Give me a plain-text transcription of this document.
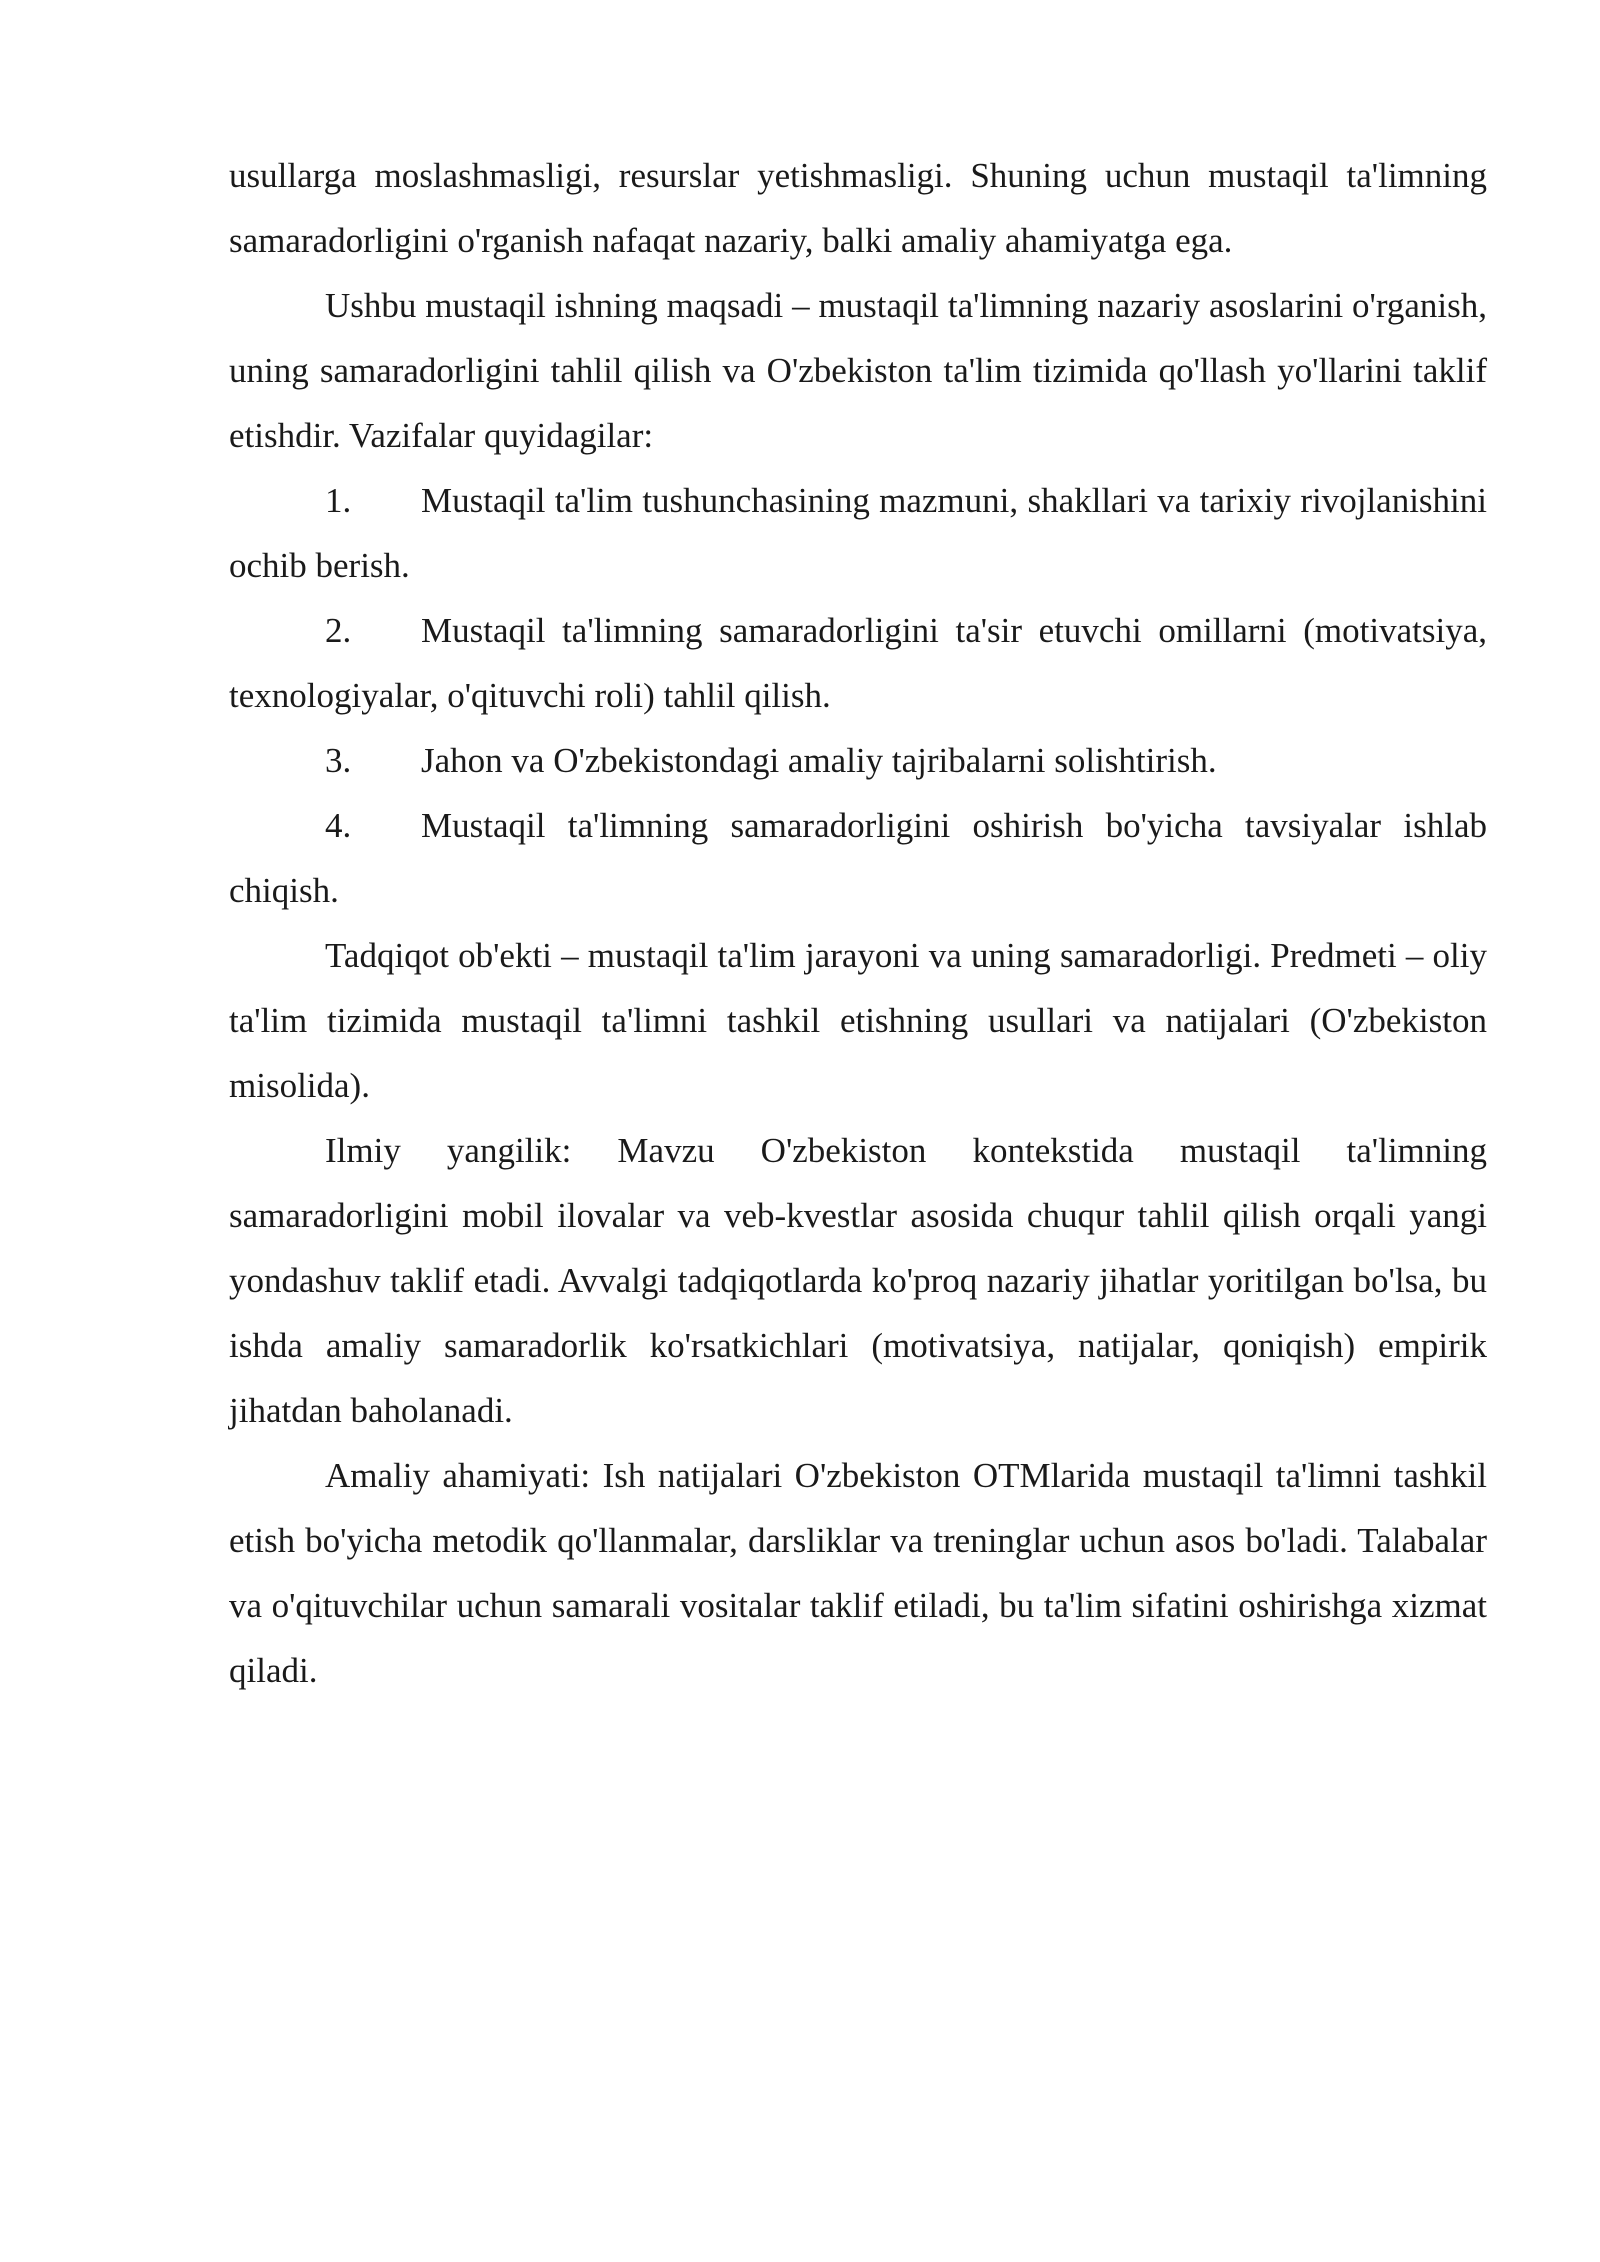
usullarga moslashmasligi, resurslar yetishmasligi. Shuning uchun mustaqil ta'limning samaradorligini o'rganish nafaqat nazariy, balki amaliy ahamiyatga ega.

Ushbu mustaqil ishning maqsadi – mustaqil ta'limning nazariy asoslarini o'rganish, uning samaradorligini tahlil qilish va O'zbekiston ta'lim tizimida qo'llash yo'llarini taklif etishdir. Vazifalar quyidagilar:

1. Mustaqil ta'lim tushunchasining mazmuni, shakllari va tarixiy rivojlanishini ochib berish.

2. Mustaqil ta'limning samaradorligini ta'sir etuvchi omillarni (motivatsiya, texnologiyalar, o'qituvchi roli) tahlil qilish.

3. Jahon va O'zbekistondagi amaliy tajribalarni solishtirish.

4. Mustaqil ta'limning samaradorligini oshirish bo'yicha tavsiyalar ishlab chiqish.

Tadqiqot ob'ekti – mustaqil ta'lim jarayoni va uning samaradorligi. Predmeti – oliy ta'lim tizimida mustaqil ta'limni tashkil etishning usullari va natijalari (O'zbekiston misolida).

Ilmiy yangilik: Mavzu O'zbekiston kontekstida mustaqil ta'limning samaradorligini mobil ilovalar va veb-kvestlar asosida chuqur tahlil qilish orqali yangi yondashuv taklif etadi. Avvalgi tadqiqotlarda ko'proq nazariy jihatlar yoritilgan bo'lsa, bu ishda amaliy samaradorlik ko'rsatkichlari (motivatsiya, natijalar, qoniqish) empirik jihatdan baholanadi.

Amaliy ahamiyati: Ish natijalari O'zbekiston OTMlarida mustaqil ta'limni tashkil etish bo'yicha metodik qo'llanmalar, darsliklar va treninglar uchun asos bo'ladi. Talabalar va o'qituvchilar uchun samarali vositalar taklif etiladi, bu ta'lim sifatini oshirishga xizmat qiladi.
